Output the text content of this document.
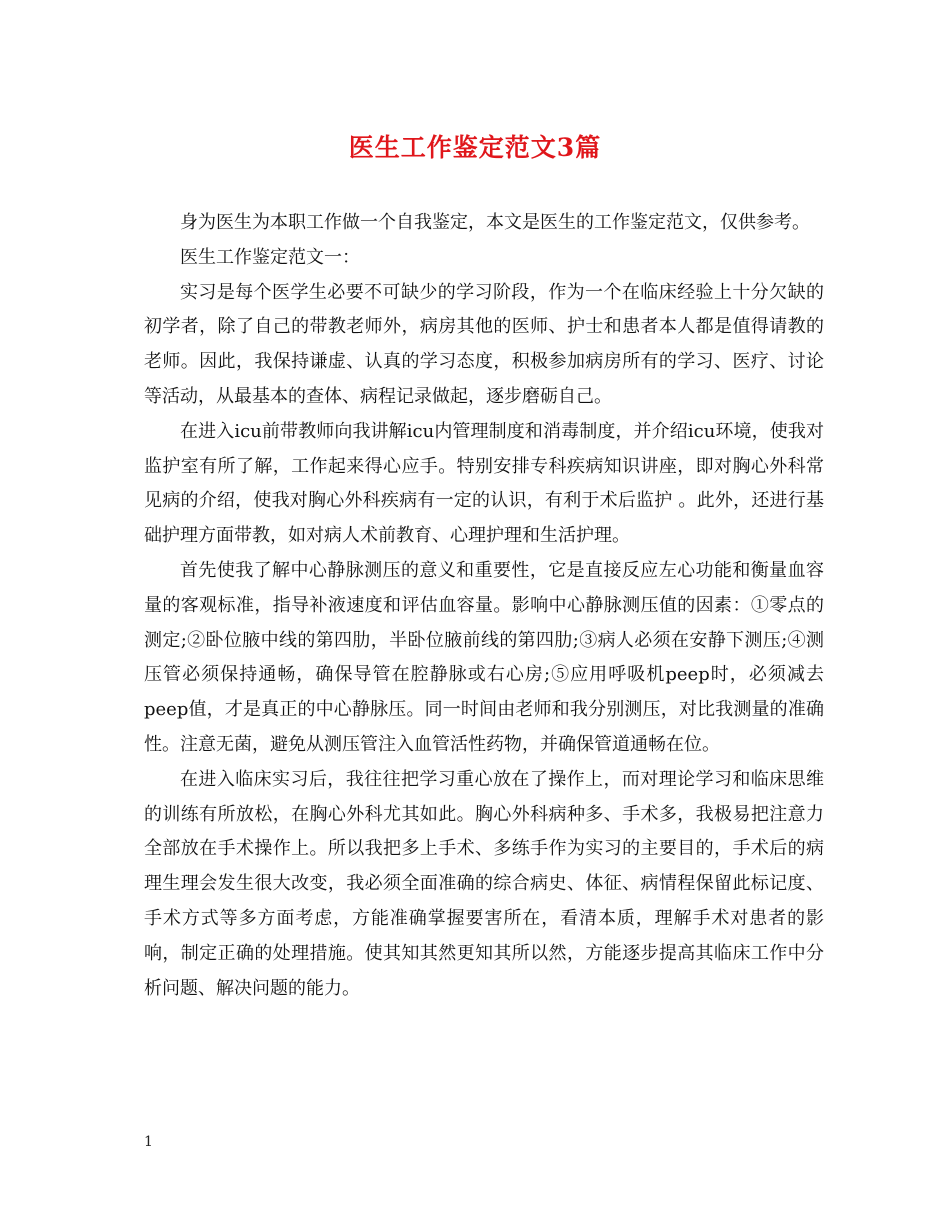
医生工作鉴定范文3篇

身为医生为本职工作做一个自我鉴定，本文是医生的工作鉴定范文，仅供参考。

医生工作鉴定范文一：

实习是每个医学生必要不可缺少的学习阶段，作为一个在临床经验上十分欠缺的初学者，除了自己的带教老师外，病房其他的医师、护士和患者本人都是值得请教的老师。因此，我保持谦虚、认真的学习态度，积极参加病房所有的学习、医疗、讨论等活动，从最基本的查体、病程记录做起，逐步磨砺自己。

在进入icu前带教师向我讲解icu内管理制度和消毒制度，并介绍icu环境，使我对监护室有所了解，工作起来得心应手。特别安排专科疾病知识讲座，即对胸心外科常见病的介绍，使我对胸心外科疾病有一定的认识，有利于术后监护 。此外，还进行基础护理方面带教，如对病人术前教育、心理护理和生活护理。

首先使我了解中心静脉测压的意义和重要性，它是直接反应左心功能和衡量血容量的客观标准，指导补液速度和评估血容量。影响中心静脉测压值的因素：①零点的测定;②卧位腋中线的第四肋，半卧位腋前线的第四肋;③病人必须在安静下测压;④测压管必须保持通畅，确保导管在腔静脉或右心房;⑤应用呼吸机peep时，必须减去peep值，才是真正的中心静脉压。同一时间由老师和我分别测压，对比我测量的准确性。注意无菌，避免从测压管注入血管活性药物，并确保管道通畅在位。

在进入临床实习后，我往往把学习重心放在了操作上，而对理论学习和临床思维的训练有所放松，在胸心外科尤其如此。胸心外科病种多、手术多，我极易把注意力全部放在手术操作上。所以我把多上手术、多练手作为实习的主要目的，手术后的病理生理会发生很大改变，我必须全面准确的综合病史、体征、病情程保留此标记度、手术方式等多方面考虑，方能准确掌握要害所在，看清本质，理解手术对患者的影响，制定正确的处理措施。使其知其然更知其所以然，方能逐步提高其临床工作中分析问题、解决问题的能力。

1
